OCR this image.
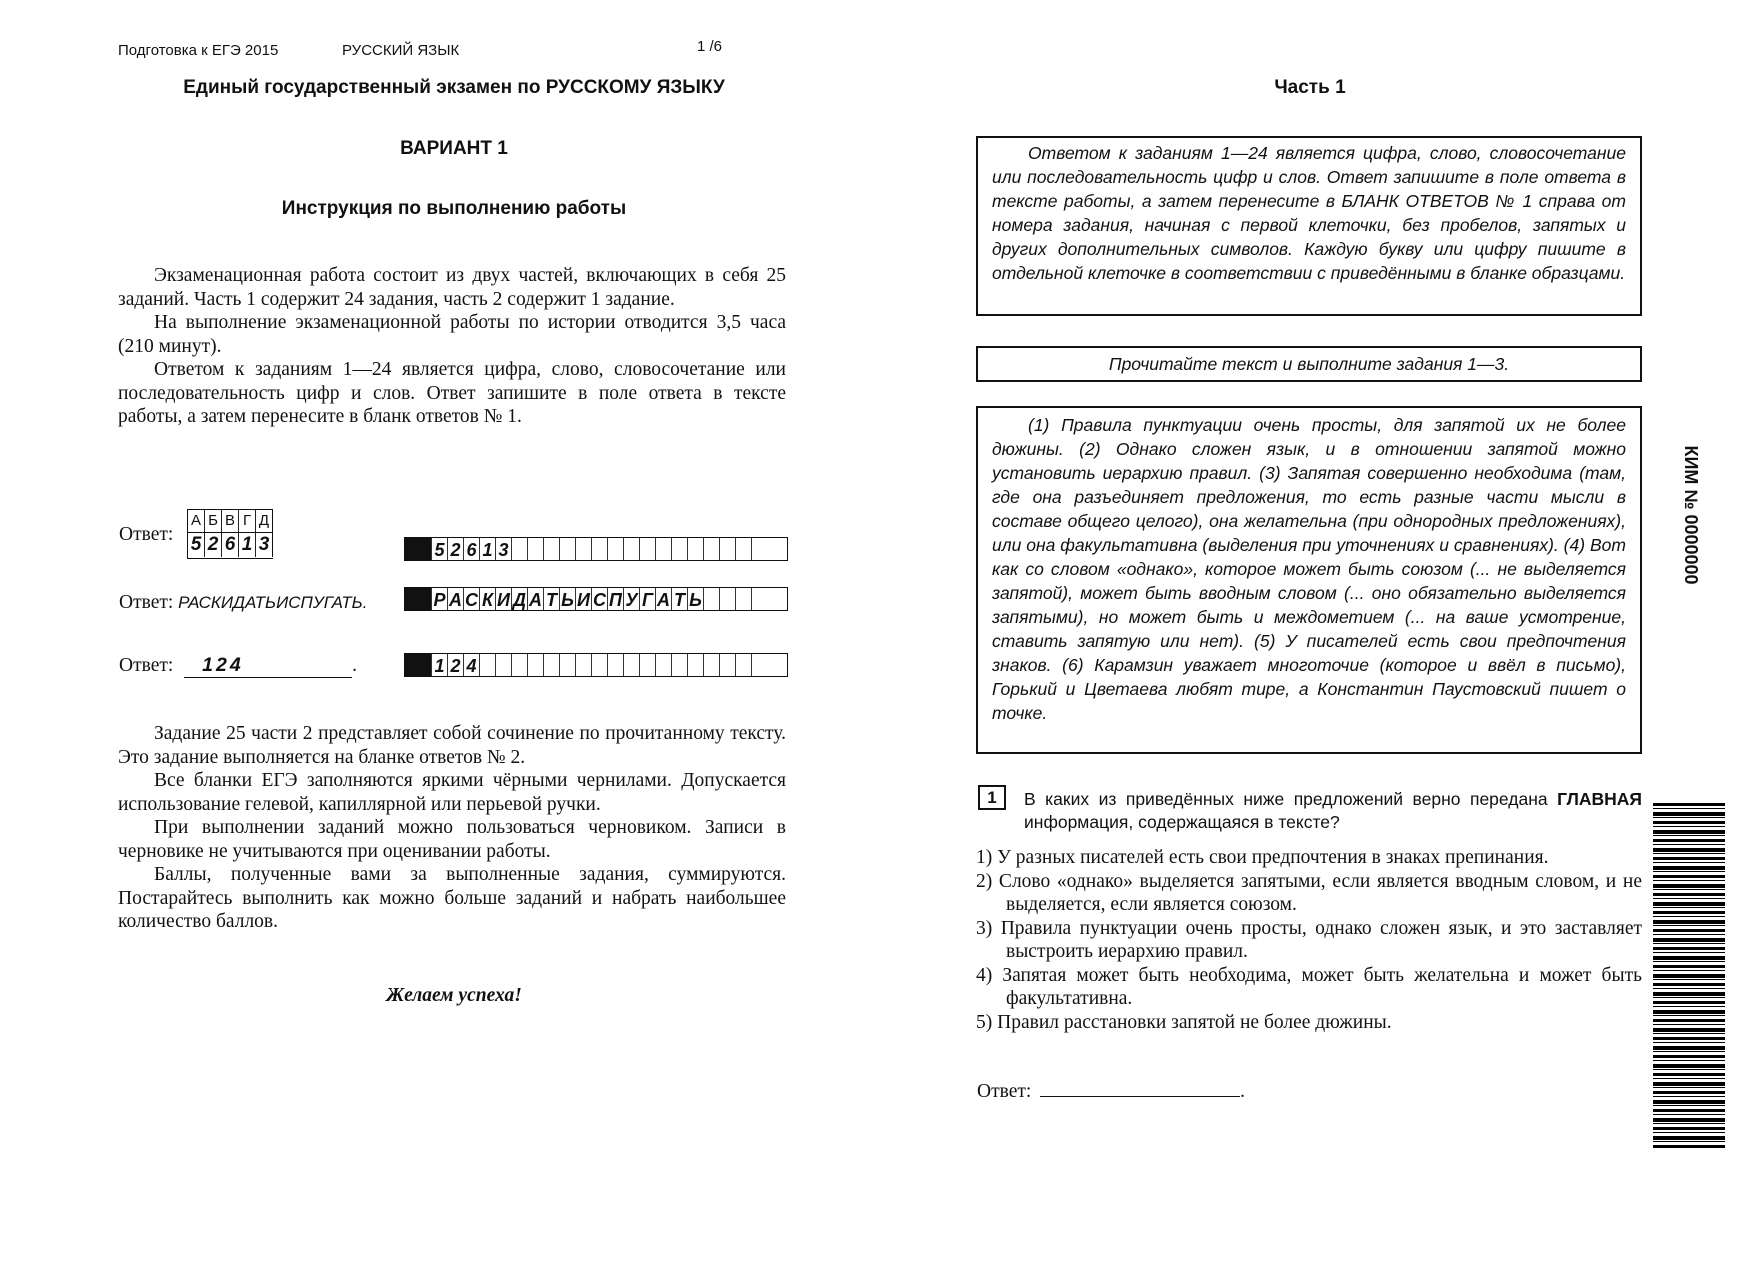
Подготовка к ЕГЭ 2015	РУССКИЙ ЯЗЫК	1 /6
Единый государственный экзамен по РУССКОМУ ЯЗЫКУ
ВАРИАНТ 1
Инструкция по выполнению работы

Экзаменационная работа состоит из двух частей, включающих в себя 25 заданий. Часть 1 содержит 24 задания, часть 2 содержит 1 задание.

На выполнение экзаменационной работы по истории отводится 3,5 часа (210 минут).

Ответом к заданиям 1—24 является цифра, слово, словосочетание или последовательность цифр и слов. Ответ запишите в поле ответа в тексте работы, а затем перенесите в бланк ответов № 1.

Ответ:
А Б В Г Д
5 2 6 1 3	5 2 6 1 3
Ответ: РАСКИДАТЬИСПУГАТЬ.	Р А С К И Д А Т Ь И С П У Г А Т Ь
Ответ: 124	.	1 2 4

Задание 25 части 2 представляет собой сочинение по прочитанному тексту. Это задание выполняется на бланке ответов № 2.

Все бланки ЕГЭ заполняются яркими чёрными чернилами. Допускается использование гелевой, капиллярной или перьевой ручки.

При выполнении заданий можно пользоваться черновиком. Записи в черновике не учитываются при оценивании работы.

Баллы, полученные вами за выполненные задания, суммируются. Постарайтесь выполнить как можно больше заданий и набрать наибольшее количество баллов.

Желаем успеха!
Часть 1
Ответом к заданиям 1—24 является цифра, слово, словосочетание или последовательность цифр и слов. Ответ запишите в поле ответа в тексте работы, а затем перенесите в БЛАНК ОТВЕТОВ № 1 справа от номера задания, начиная с первой клеточки, без пробелов, запятых и других дополнительных символов. Каждую букву или цифру пишите в отдельной клеточке в соответствии с приведёнными в бланке образцами.
Прочитайте текст и выполните задания 1—3.
(1) Правила пунктуации очень просты, для запятой их не более дюжины. (2) Однако сложен язык, и в отношении запятой можно установить иерархию правил. (3) Запятая совершенно необходима (там, где она разъединяет предложения, то есть разные части мысли в составе общего целого), она желательна (при однородных предложениях), или она факультативна (выделения при уточнениях и сравнениях). (4) Вот как со словом «однако», которое может быть союзом (... не выделяется запятой), может быть вводным словом (... оно обязательно выделяется запятыми), но может быть и междометием (... на ваше усмотрение, ставить запятую или нет). (5) У писателей есть свои предпочтения знаков. (6) Карамзин уважает многоточие (которое и ввёл в письмо), Горький и Цветаева любят тире, а Константин Паустовский пишет о точке.
1	В каких из приведённых ниже предложений верно передана ГЛАВНАЯ информация, содержащаяся в тексте?
1) У разных писателей есть свои предпочтения в знаках препинания.
2) Слово «однако» выделяется запятыми, если является вводным словом, и не выделяется, если является союзом.
3) Правила пунктуации очень просты, однако сложен язык, и это заставляет выстроить иерархию правил.
4) Запятая может быть необходима, может быть желательна и может быть факультативна.
5) Правил расстановки запятой не более дюжины.
Ответ:	.
КИМ № 0000000
